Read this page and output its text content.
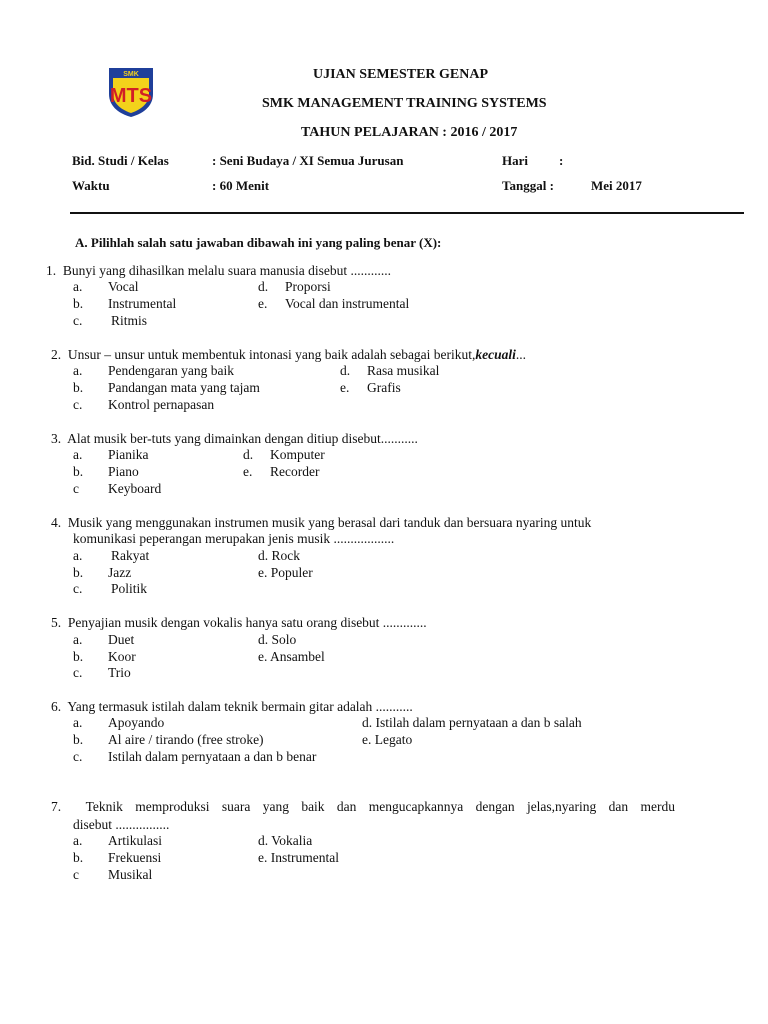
SMK
MTS
UJIAN SEMESTER GENAP
SMK MANAGEMENT TRAINING SYSTEMS
TAHUN PELAJARAN : 2016 / 2017
Bid. Studi / Kelas	: Seni Budaya / XI Semua Jurusan	Hari :
Waktu	: 60 Menit	Tanggal :	Mei 2017
A. Pilihlah salah satu jawaban dibawah ini yang paling benar (X):
1. Bunyi yang dihasilkan melalu suara manusia disebut ............
a. Vocal	d. Proporsi
b. Instrumental	e. Vocal dan instrumental
c. Ritmis
2. Unsur – unsur untuk membentuk intonasi yang baik adalah sebagai berikut,kecuali...
a. Pendengaran yang baik	d. Rasa musikal
b. Pandangan mata yang tajam	e. Grafis
c. Kontrol pernapasan
3. Alat musik ber-tuts yang dimainkan dengan ditiup disebut...........
a. Pianika	d. Komputer
b. Piano	e. Recorder
c Keyboard
4. Musik yang menggunakan instrumen musik yang berasal dari tanduk dan bersuara nyaring untuk
komunikasi peperangan merupakan jenis musik ..................
a. Rakyat	d. Rock
b. Jazz	e. Populer
c. Politik
5. Penyajian musik dengan vokalis hanya satu orang disebut .............
a. Duet	d. Solo
b. Koor	e. Ansambel
c. Trio
6. Yang termasuk istilah dalam teknik bermain gitar adalah ...........
a. Apoyando	d. Istilah dalam pernyataan a dan b salah
b. Al aire / tirando (free stroke)	e. Legato
c. Istilah dalam pernyataan a dan b benar
7. Teknik memproduksi suara yang baik dan mengucapkannya dengan jelas,nyaring dan merdu
disebut ................
a. Artikulasi	d. Vokalia
b. Frekuensi	e. Instrumental
c Musikal
